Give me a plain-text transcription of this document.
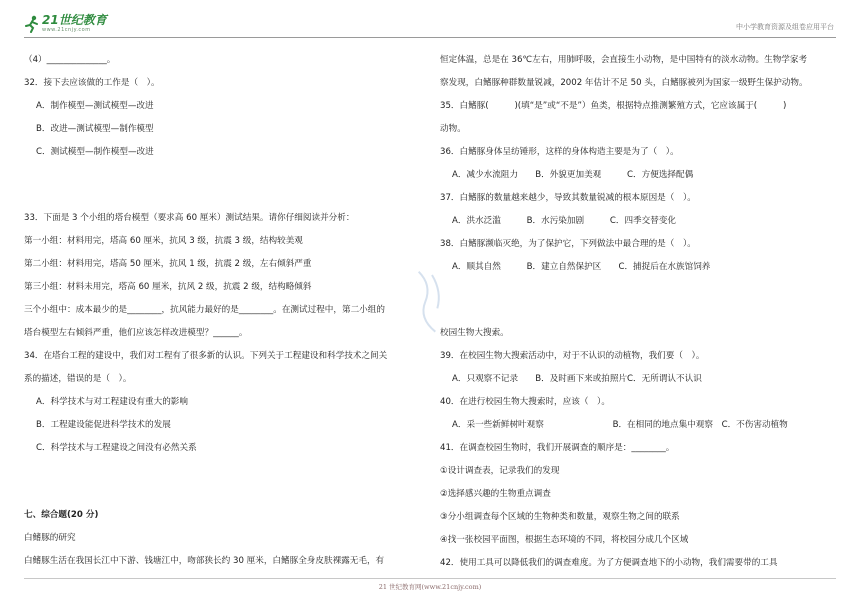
21世纪教育
www.21cnjy.com	中小学教育资源及组卷应用平台
（4）______________。
32．接下去应该做的工作是（　）。
A．制作模型—测试模型—改进
B．改进—测试模型—制作模型
C．测试模型—制作模型—改进
33．下面是 3 个小组的塔台模型（要求高 60 厘米）测试结果。请你仔细阅读并分析：
第一小组：材料用完，塔高 60 厘米，抗风 3 级，抗震 3 级，结构较美观
第二小组：材料用完，塔高 50 厘米，抗风 1 级，抗震 2 级，左右倾斜严重
第三小组：材料未用完，塔高 60 厘米，抗风 2 级，抗震 2 级，结构略倾斜
三个小组中：成本最少的是________，抗风能力最好的是________。在测试过程中，第二小组的
塔台模型左右倾斜严重，他们应该怎样改进模型？______。
34．在塔台工程的建设中，我们对工程有了很多新的认识。下列关于工程建设和科学技术之间关
系的描述，错误的是（　）。
A．科学技术与对工程建设有重大的影响
B．工程建设能促进科学技术的发展
C．科学技术与工程建设之间没有必然关系
七、综合题(20 分)
白鳍豚的研究
白鳍豚生活在我国长江中下游、钱塘江中，吻部狭长约 30 厘米，白鳍豚全身皮肤裸露无毛，有
恒定体温，总是在 36℃左右，用肺呼吸，会直接生小动物，是中国特有的淡水动物。生物学家考
察发现，白鳍豚种群数量锐减，2002 年估计不足 50 头，白鳍豚被列为国家一级野生保护动物。
35．白鳍豚(　　　)(填“是”或“不是”）鱼类，根据特点推测繁殖方式，它应该属于(　　　)
动物。
36．白鳍豚身体呈纺锤形，这样的身体构造主要是为了（　）。
A．减少水流阻力　　B．外貌更加美观　　　C．方便选择配偶
37．白鳍豚的数量越来越少，导致其数量锐减的根本原因是（　）。
A．洪水泛滥　　　B．水污染加剧　　　C．四季交替变化
38．白鳍豚濒临灭绝，为了保护它，下列做法中最合理的是（　）。
A．顺其自然　　　B．建立自然保护区　　C．捕捉后在水族馆饲养
校园生物大搜索。
39．在校园生物大搜索活动中，对于不认识的动植物，我们要（　）。
A．只观察不记录　　B．及时画下来或拍照片C．无所谓认不认识
40．在进行校园生物大搜索时，应该（　）。
A．采一些新鲜树叶观察　　　　　　　　B．在相同的地点集中观察　C．不伤害动植物
41．在调查校园生物时，我们开展调查的顺序是：________。
①设计调查表，记录我们的发现
②选择感兴趣的生物重点调查
③分小组调查每个区域的生物种类和数量，观察生物之间的联系
④找一张校园平面图，根据生态环境的不同，将校园分成几个区域
42．使用工具可以降低我们的调查难度。为了方便调查地下的小动物，我们需要带的工具
21 世纪教育网(www.21cnjy.com)
